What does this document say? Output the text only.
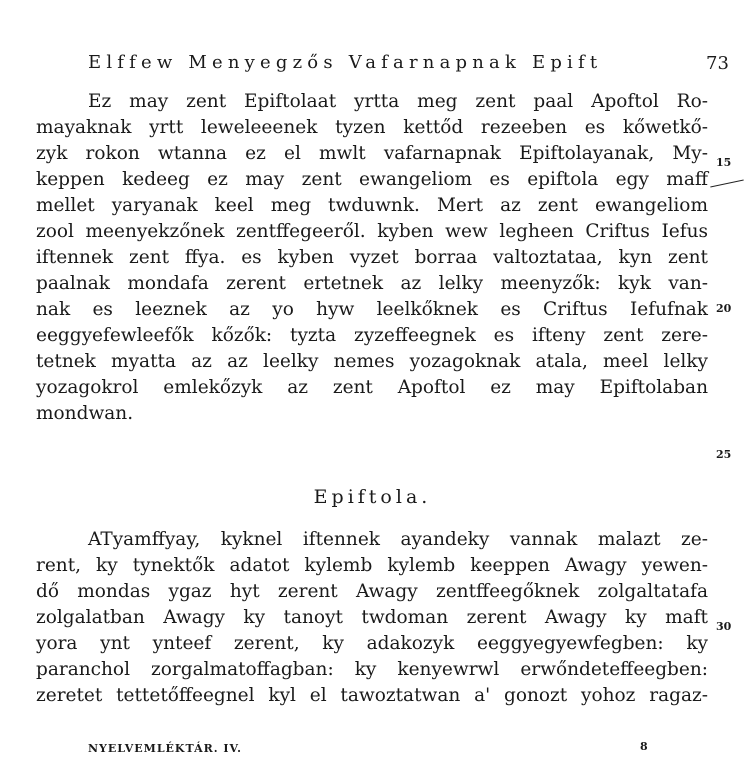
Elffew Menyegzős Vafarnapnak Epift	73
Ez may zent Epiftolaat yrtta meg zent paal Apoftol Ro-
mayaknak yrtt leweleeenek tyzen kettőd rezeeben es kőwetkő-
zyk rokon wtanna ez el mwlt vafarnapnak Epiftolayanak, My-
keppen kedeeg ez may zent ewangeliom es epiftola egy maff
mellet yaryanak keel meg twduwnk. Mert az zent ewangeliom
zool meenyekzőnek zentffegeeről. kyben wew legheen Criftus Iefus
iftennek zent ffya. es kyben vyzet borraa valtoztataa, kyn zent
paalnak mondafa zerent ertetnek az lelky meenyzők: kyk van-
nak es leeznek az yo hyw leelkőknek es Criftus Iefufnak
eeggyefewleefők kőzők: tyzta zyzeffeegnek es ifteny zent zere-
tetnek myatta az az leelky nemes yozagoknak atala, meel lelky
yozagokrol emlekőzyk az zent Apoftol ez may Epiftolaban
mondwan.
Epiftola.
ATyamffyay, kyknel iftennek ayandeky vannak malazt ze-
rent, ky tynektők adatot kylemb kylemb keeppen Awagy yewen-
dő mondas ygaz hyt zerent Awagy zentffeegőknek zolgaltatafa
zolgalatban Awagy ky tanoyt twdoman zerent Awagy ky maft
yora ynt ynteef zerent, ky adakozyk eeggyegyewfegben: ky
paranchol zorgalmatoffagban: ky kenyewrwl erwőndeteffeegben:
zeretet tettetőffeegnel kyl el tawoztatwan a' gonozt yohoz ragaz-
15
20
25
30
NYELVEMLÉKTÁR. IV.	8
